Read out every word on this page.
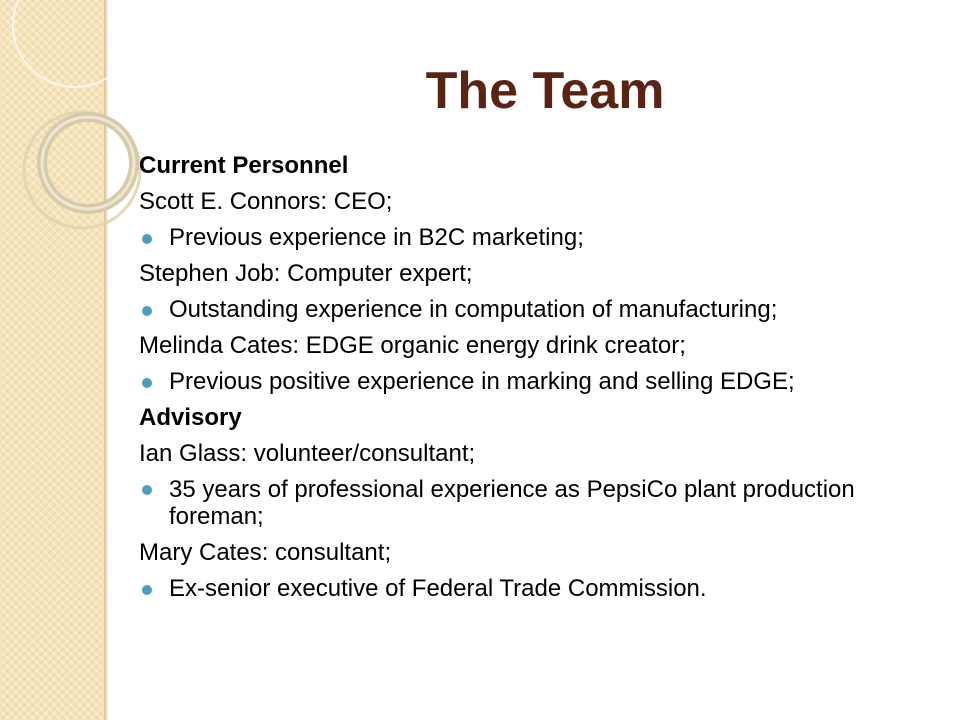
The Team
Current Personnel
Scott E. Connors: CEO;
Previous experience in B2C marketing;
Stephen Job: Computer expert;
Outstanding experience in computation of manufacturing;
Melinda Cates: EDGE organic energy drink creator;
Previous positive experience in marking and selling EDGE;
Advisory
Ian Glass: volunteer/consultant;
35 years of professional experience as PepsiCo plant production foreman;
Mary Cates: consultant;
Ex-senior executive of Federal Trade Commission.
